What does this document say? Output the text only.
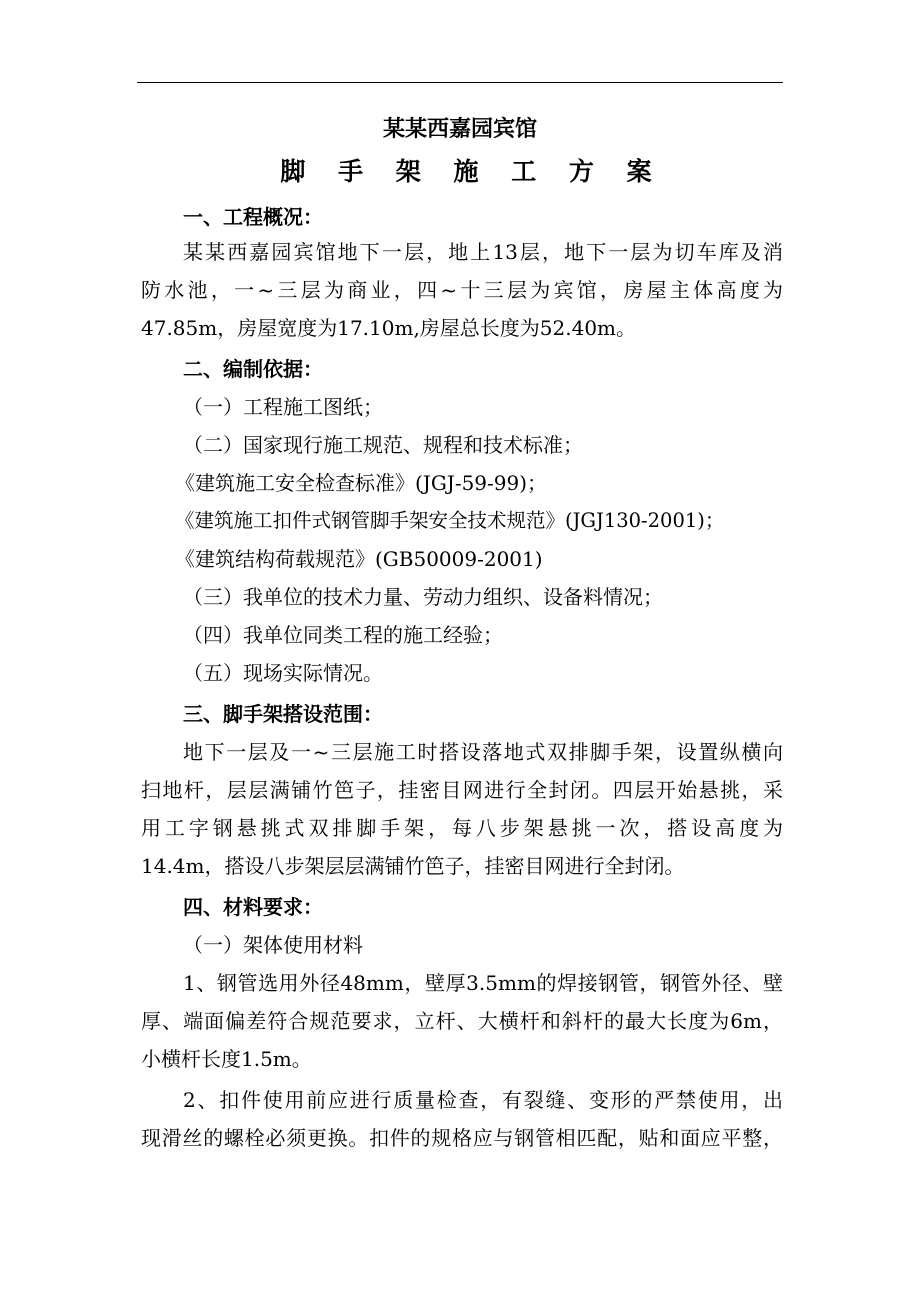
某某西嘉园宾馆
脚 手 架 施 工 方 案
一、工程概况：
某某西嘉园宾馆地下一层，地上13层，地下一层为切车库及消
防水池，一~三层为商业，四~十三层为宾馆，房屋主体高度为
47.85m，房屋宽度为17.10m,房屋总长度为52.40m。
二、编制依据：
（一）工程施工图纸；
（二）国家现行施工规范、规程和技术标准；
《建筑施工安全检查标准》(JGJ-59-99)；
《建筑施工扣件式钢管脚手架安全技术规范》(JGJ130-2001)；
《建筑结构荷载规范》(GB50009-2001)
（三）我单位的技术力量、劳动力组织、设备料情况；
（四）我单位同类工程的施工经验；
（五）现场实际情况。
三、脚手架搭设范围：
地下一层及一~三层施工时搭设落地式双排脚手架，设置纵横向
扫地杆，层层满铺竹笆子，挂密目网进行全封闭。四层开始悬挑，采
用工字钢悬挑式双排脚手架，每八步架悬挑一次，搭设高度为
14.4m，搭设八步架层层满铺竹笆子，挂密目网进行全封闭。
四、材料要求：
（一）架体使用材料
1、钢管选用外径48mm，壁厚3.5mm的焊接钢管，钢管外径、壁
厚、端面偏差符合规范要求，立杆、大横杆和斜杆的最大长度为6m，
小横杆长度1.5m。
2、扣件使用前应进行质量检查，有裂缝、变形的严禁使用，出
现滑丝的螺栓必须更换。扣件的规格应与钢管相匹配，贴和面应平整，
